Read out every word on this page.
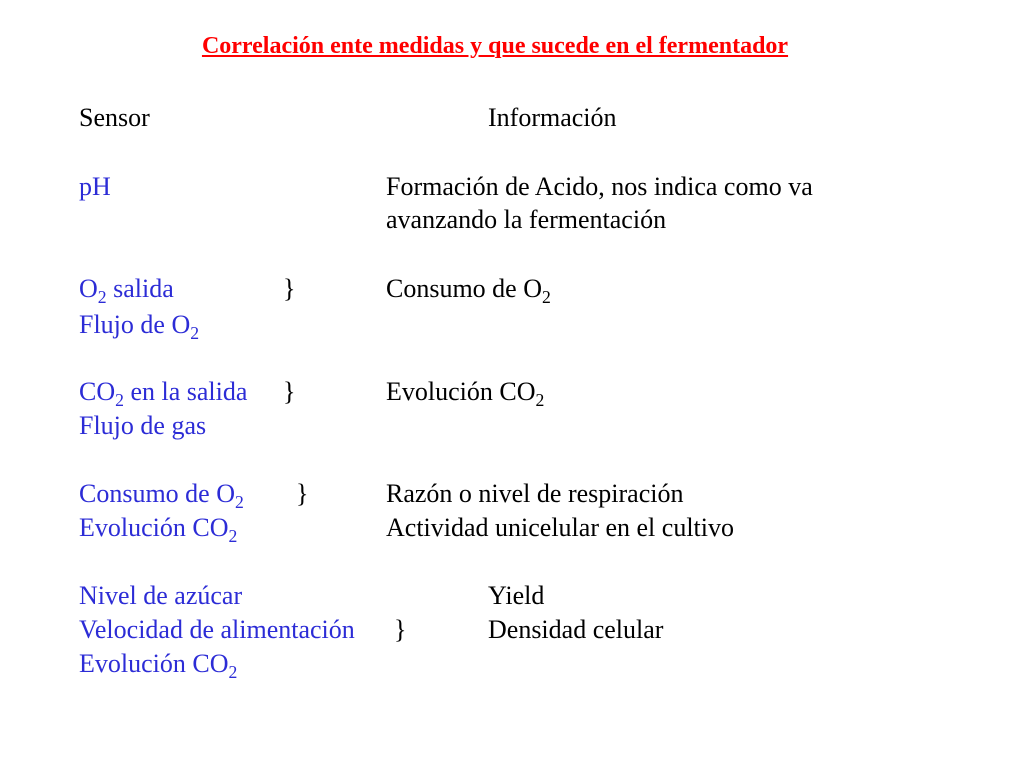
Correlación ente medidas y que sucede en el fermentador
Sensor	Información
pH	Formación de Acido, nos indica como va
avanzando la fermentación
$O_2$ salida	}	Consumo de $O_2$
Flujo de $O_2$
$CO_2$ en la salida }	Evolución $CO_2$
Flujo de gas
Consumo de $O_2$ }	Razón o nivel de respiración
Evolución $CO_2$	Actividad unicelular en el cultivo
Nivel de azúcar	Yield
Velocidad de alimentación }	Densidad celular
Evolución $CO_2$
